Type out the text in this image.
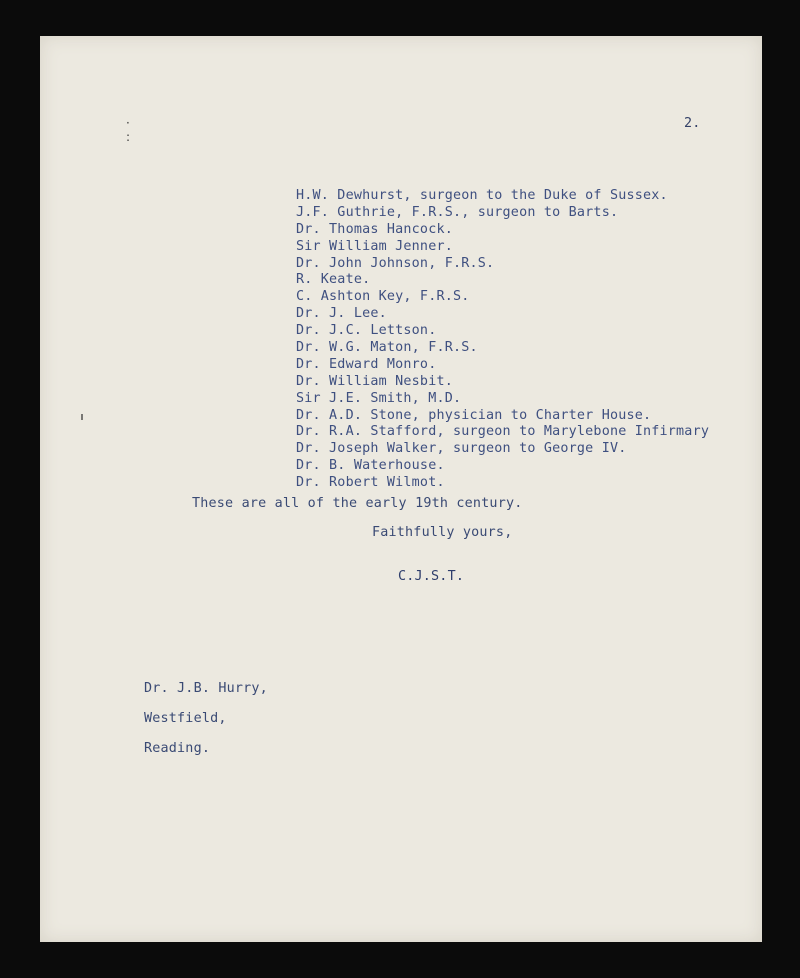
·
:
2.
H.W. Dewhurst, surgeon to the Duke of Sussex.
J.F. Guthrie, F.R.S., surgeon to Barts.
Dr. Thomas Hancock.
Sir William Jenner.
Dr. John Johnson, F.R.S.
R. Keate.
C. Ashton Key, F.R.S.
Dr. J. Lee.
Dr. J.C. Lettson.
Dr. W.G. Maton, F.R.S.
Dr. Edward Monro.
Dr. William Nesbit.
Sir J.E. Smith, M.D.
Dr. A.D. Stone, physician to Charter House.
Dr. R.A. Stafford, surgeon to Marylebone Infirmary
Dr. Joseph Walker, surgeon to George IV.
Dr. B. Waterhouse.
Dr. Robert Wilmot.
These are all of the early 19th century.
Faithfully yours,
C.J.S.T.
Dr. J.B. Hurry,
Westfield,
Reading.
